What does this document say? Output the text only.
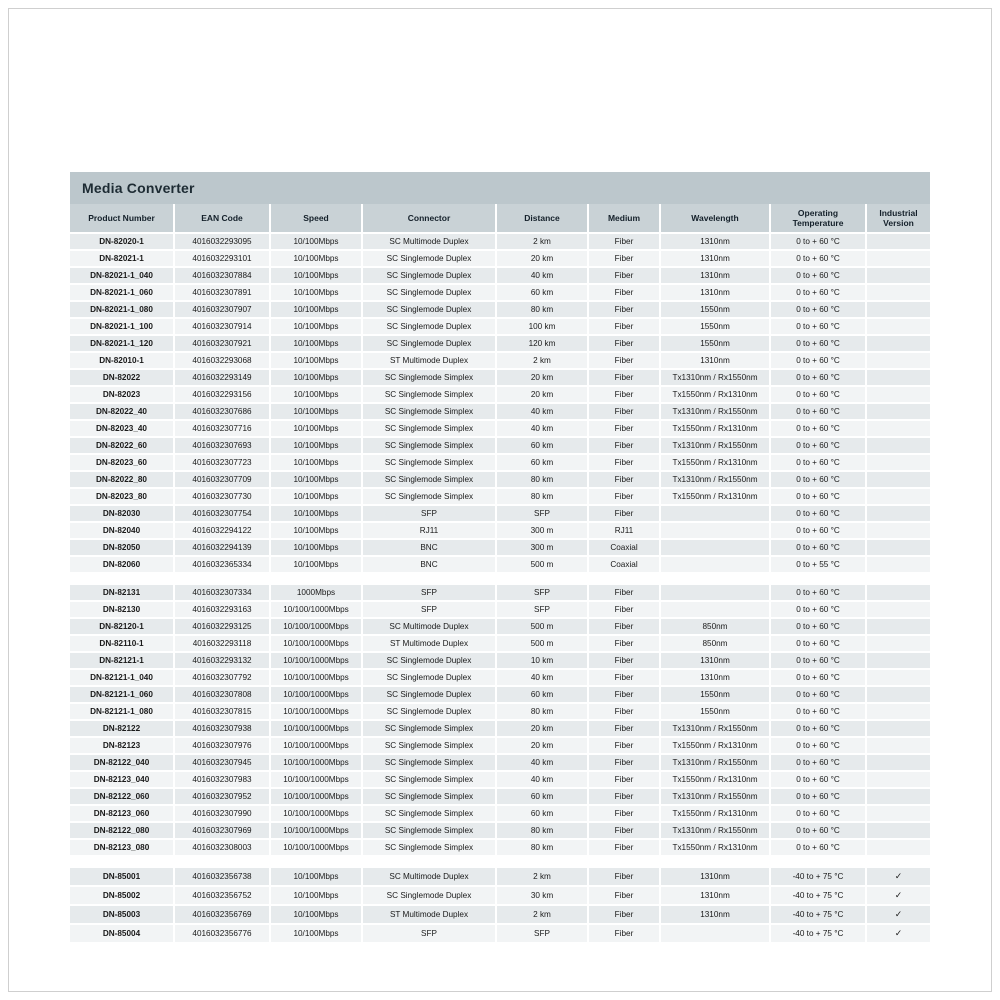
Media Converter
Product Number	EAN Code	Speed	Connector	Distance	Medium	Wavelength	Operating Temperature	Industrial Version
DN-82020-1	4016032293095	10/100Mbps	SC Multimode Duplex	2 km	Fiber	1310nm	0 to + 60 °C	
DN-82021-1	4016032293101	10/100Mbps	SC Singlemode Duplex	20 km	Fiber	1310nm	0 to + 60 °C	
DN-82021-1_040	4016032307884	10/100Mbps	SC Singlemode Duplex	40 km	Fiber	1310nm	0 to + 60 °C	
DN-82021-1_060	4016032307891	10/100Mbps	SC Singlemode Duplex	60 km	Fiber	1310nm	0 to + 60 °C	
DN-82021-1_080	4016032307907	10/100Mbps	SC Singlemode Duplex	80 km	Fiber	1550nm	0 to + 60 °C	
DN-82021-1_100	4016032307914	10/100Mbps	SC Singlemode Duplex	100 km	Fiber	1550nm	0 to + 60 °C	
DN-82021-1_120	4016032307921	10/100Mbps	SC Singlemode Duplex	120 km	Fiber	1550nm	0 to + 60 °C	
DN-82010-1	4016032293068	10/100Mbps	ST Multimode Duplex	2 km	Fiber	1310nm	0 to + 60 °C	
DN-82022	4016032293149	10/100Mbps	SC Singlemode Simplex	20 km	Fiber	Tx1310nm / Rx1550nm	0 to + 60 °C	
DN-82023	4016032293156	10/100Mbps	SC Singlemode Simplex	20 km	Fiber	Tx1550nm / Rx1310nm	0 to + 60 °C	
DN-82022_40	4016032307686	10/100Mbps	SC Singlemode Simplex	40 km	Fiber	Tx1310nm / Rx1550nm	0 to + 60 °C	
DN-82023_40	4016032307716	10/100Mbps	SC Singlemode Simplex	40 km	Fiber	Tx1550nm / Rx1310nm	0 to + 60 °C	
DN-82022_60	4016032307693	10/100Mbps	SC Singlemode Simplex	60 km	Fiber	Tx1310nm / Rx1550nm	0 to + 60 °C	
DN-82023_60	4016032307723	10/100Mbps	SC Singlemode Simplex	60 km	Fiber	Tx1550nm / Rx1310nm	0 to + 60 °C	
DN-82022_80	4016032307709	10/100Mbps	SC Singlemode Simplex	80 km	Fiber	Tx1310nm / Rx1550nm	0 to + 60 °C	
DN-82023_80	4016032307730	10/100Mbps	SC Singlemode Simplex	80 km	Fiber	Tx1550nm / Rx1310nm	0 to + 60 °C	
DN-82030	4016032307754	10/100Mbps	SFP	SFP	Fiber		0 to + 60 °C	
DN-82040	4016032294122	10/100Mbps	RJ11	300 m	RJ11		0 to + 60 °C	
DN-82050	4016032294139	10/100Mbps	BNC	300 m	Coaxial		0 to + 60 °C	
DN-82060	4016032365334	10/100Mbps	BNC	500 m	Coaxial		0 to + 55 °C	

DN-82131	4016032307334	1000Mbps	SFP	SFP	Fiber		0 to + 60 °C	
DN-82130	4016032293163	10/100/1000Mbps	SFP	SFP	Fiber		0 to + 60 °C	
DN-82120-1	4016032293125	10/100/1000Mbps	SC Multimode Duplex	500 m	Fiber	850nm	0 to + 60 °C	
DN-82110-1	4016032293118	10/100/1000Mbps	ST Multimode Duplex	500 m	Fiber	850nm	0 to + 60 °C	
DN-82121-1	4016032293132	10/100/1000Mbps	SC Singlemode Duplex	10 km	Fiber	1310nm	0 to + 60 °C	
DN-82121-1_040	4016032307792	10/100/1000Mbps	SC Singlemode Duplex	40 km	Fiber	1310nm	0 to + 60 °C	
DN-82121-1_060	4016032307808	10/100/1000Mbps	SC Singlemode Duplex	60 km	Fiber	1550nm	0 to + 60 °C	
DN-82121-1_080	4016032307815	10/100/1000Mbps	SC Singlemode Duplex	80 km	Fiber	1550nm	0 to + 60 °C	
DN-82122	4016032307938	10/100/1000Mbps	SC Singlemode Simplex	20 km	Fiber	Tx1310nm / Rx1550nm	0 to + 60 °C	
DN-82123	4016032307976	10/100/1000Mbps	SC Singlemode Simplex	20 km	Fiber	Tx1550nm / Rx1310nm	0 to + 60 °C	
DN-82122_040	4016032307945	10/100/1000Mbps	SC Singlemode Simplex	40 km	Fiber	Tx1310nm / Rx1550nm	0 to + 60 °C	
DN-82123_040	4016032307983	10/100/1000Mbps	SC Singlemode Simplex	40 km	Fiber	Tx1550nm / Rx1310nm	0 to + 60 °C	
DN-82122_060	4016032307952	10/100/1000Mbps	SC Singlemode Simplex	60 km	Fiber	Tx1310nm / Rx1550nm	0 to + 60 °C	
DN-82123_060	4016032307990	10/100/1000Mbps	SC Singlemode Simplex	60 km	Fiber	Tx1550nm / Rx1310nm	0 to + 60 °C	
DN-82122_080	4016032307969	10/100/1000Mbps	SC Singlemode Simplex	80 km	Fiber	Tx1310nm / Rx1550nm	0 to + 60 °C	
DN-82123_080	4016032308003	10/100/1000Mbps	SC Singlemode Simplex	80 km	Fiber	Tx1550nm / Rx1310nm	0 to + 60 °C	

DN-85001	4016032356738	10/100Mbps	SC Multimode Duplex	2 km	Fiber	1310nm	-40 to + 75 °C	✓
DN-85002	4016032356752	10/100Mbps	SC Singlemode Duplex	30 km	Fiber	1310nm	-40 to + 75 °C	✓
DN-85003	4016032356769	10/100Mbps	ST Multimode Duplex	2 km	Fiber	1310nm	-40 to + 75 °C	✓
DN-85004	4016032356776	10/100Mbps	SFP	SFP	Fiber		-40 to + 75 °C	✓
